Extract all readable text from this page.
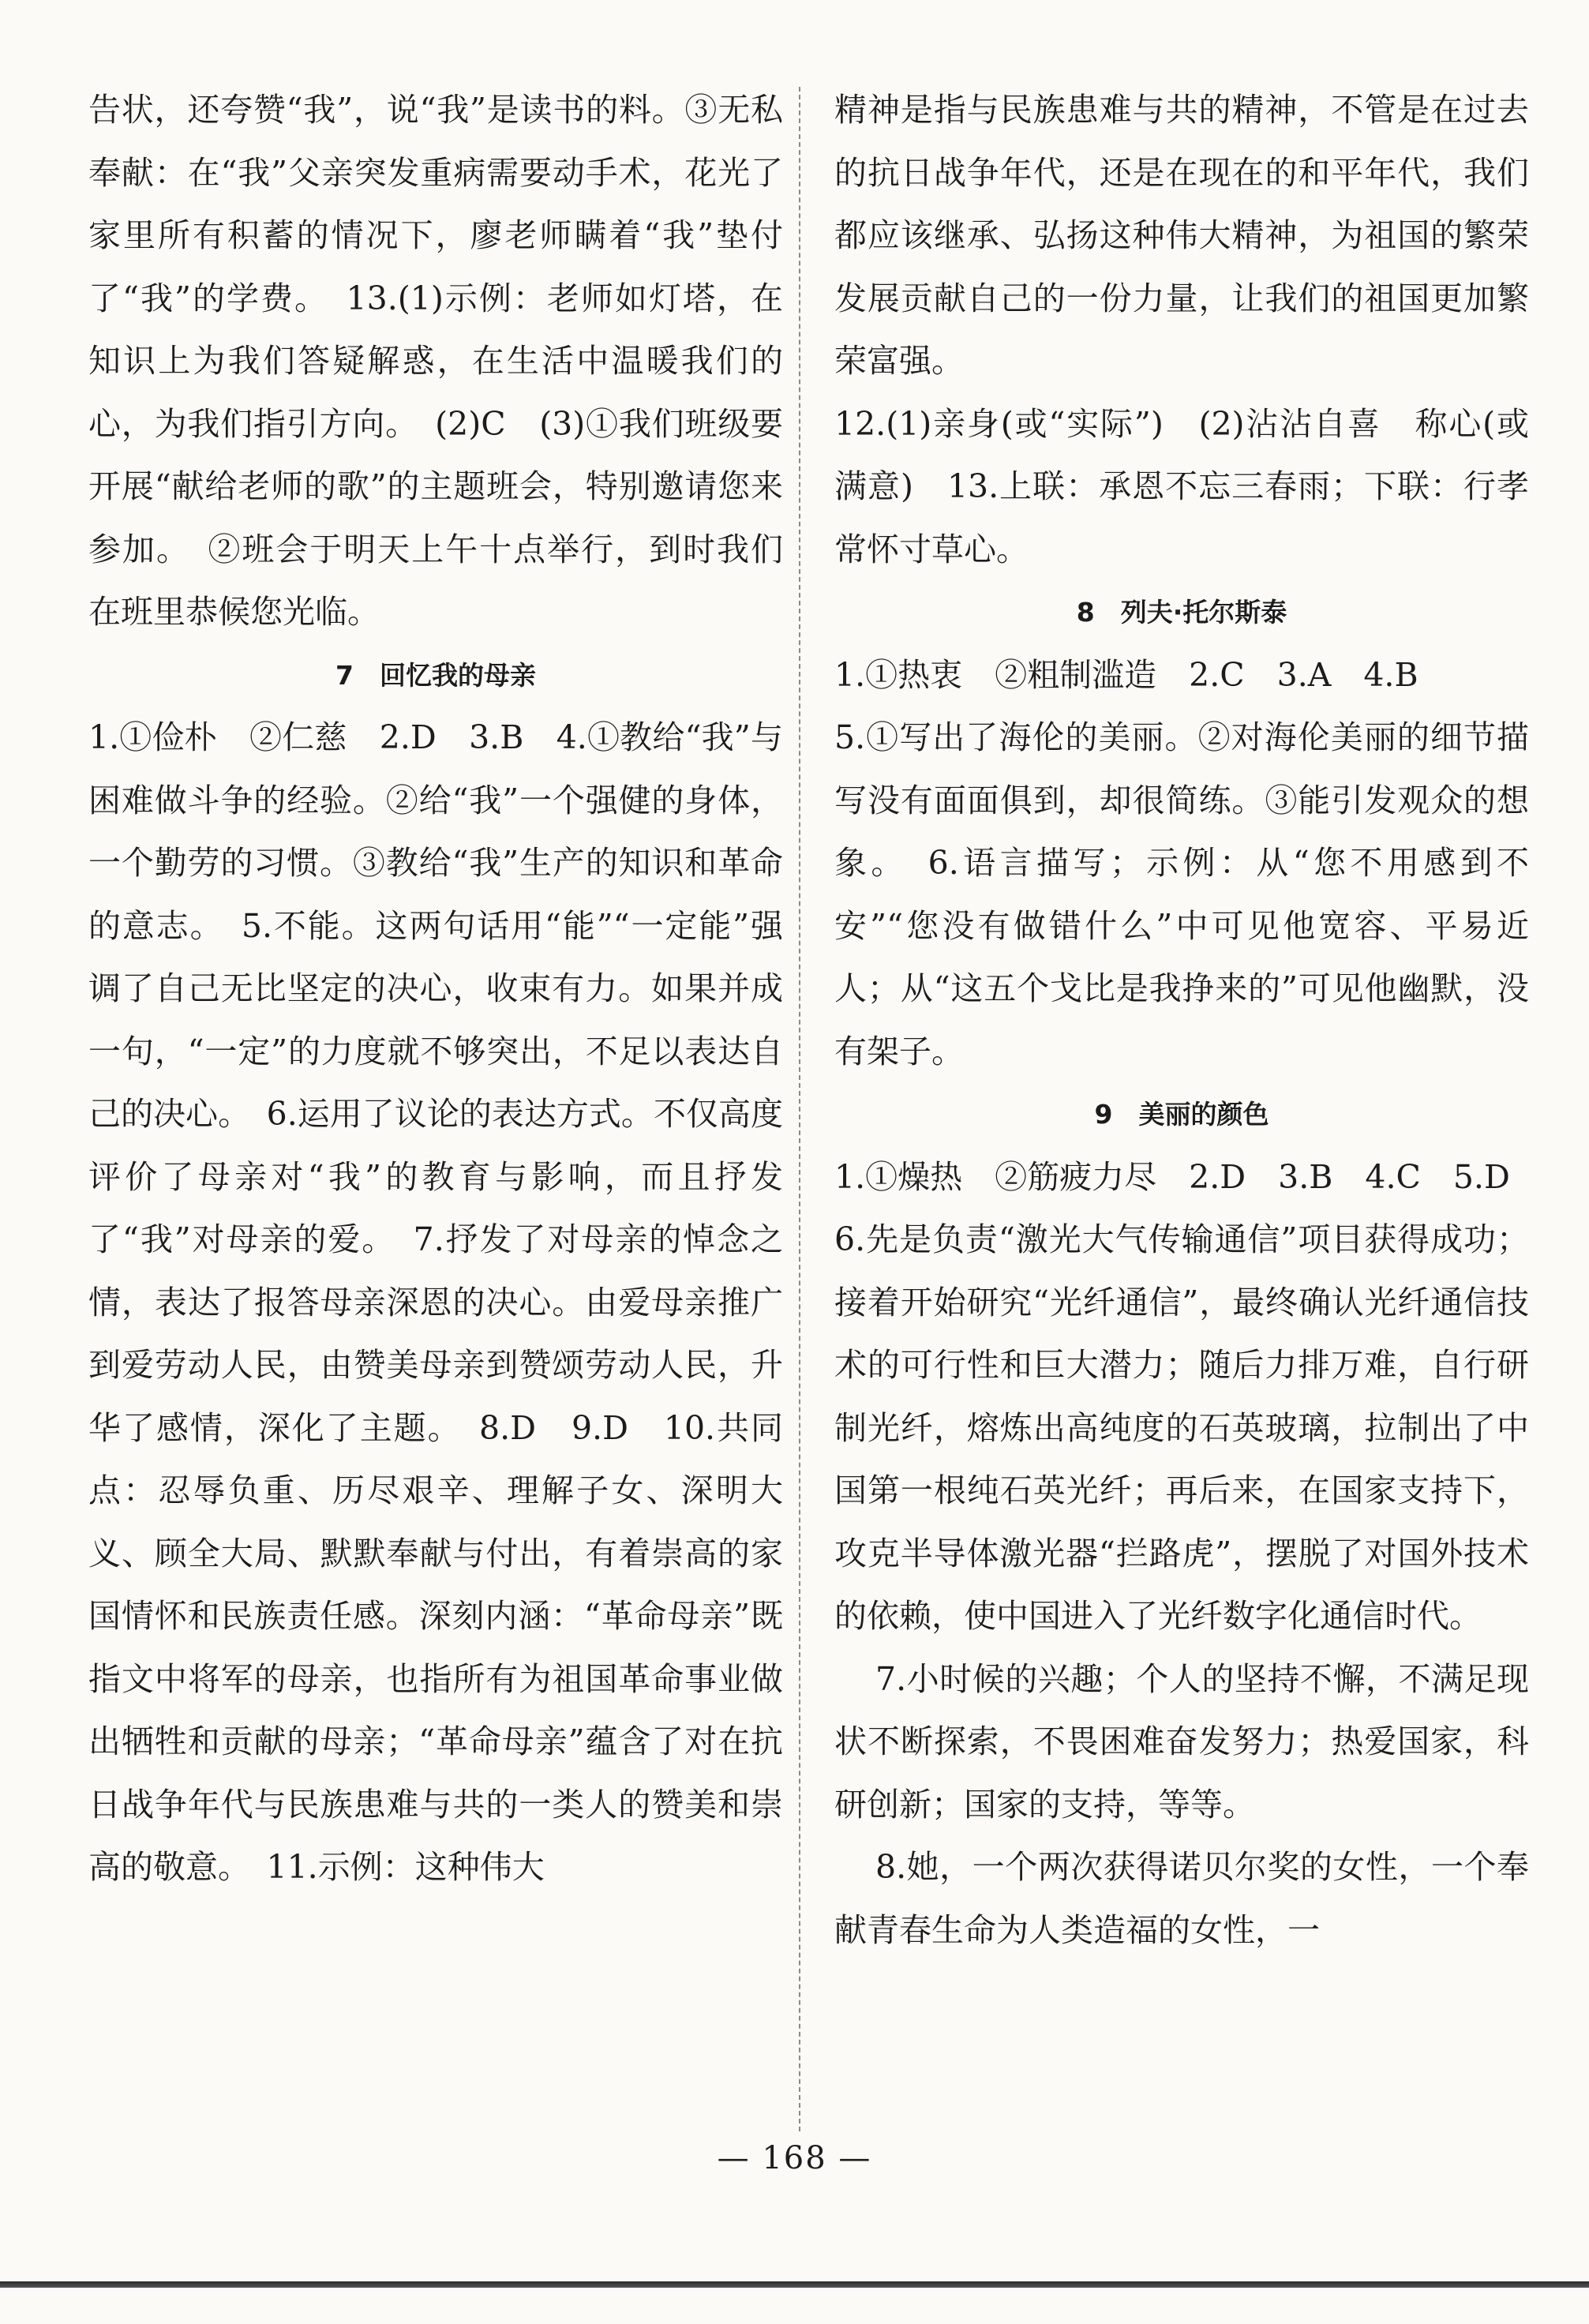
告状，还夸赞“我”，说“我”是读书的料。③无私奉献：在“我”父亲突发重病需要动手术，花光了家里所有积蓄的情况下，廖老师瞒着“我”垫付了“我”的学费。　13.(1)示例：老师如灯塔，在知识上为我们答疑解惑，在生活中温暖我们的心，为我们指引方向。　(2)C　(3)①我们班级要开展“献给老师的歌”的主题班会，特别邀请您来参加。　②班会于明天上午十点举行，到时我们在班里恭候您光临。

7　回忆我的母亲

1.①俭朴　②仁慈　2.D　3.B　4.①教给“我”与困难做斗争的经验。②给“我”一个强健的身体，一个勤劳的习惯。③教给“我”生产的知识和革命的意志。　5.不能。这两句话用“能”“一定能”强调了自己无比坚定的决心，收束有力。如果并成一句，“一定”的力度就不够突出，不足以表达自己的决心。　6.运用了议论的表达方式。不仅高度评价了母亲对“我”的教育与影响，而且抒发了“我”对母亲的爱。　7.抒发了对母亲的悼念之情，表达了报答母亲深恩的决心。由爱母亲推广到爱劳动人民，由赞美母亲到赞颂劳动人民，升华了感情，深化了主题。　8.D　9.D　10.共同点：忍辱负重、历尽艰辛、理解子女、深明大义、顾全大局、默默奉献与付出，有着崇高的家国情怀和民族责任感。深刻内涵：“革命母亲”既指文中将军的母亲，也指所有为祖国革命事业做出牺牲和贡献的母亲；“革命母亲”蕴含了对在抗日战争年代与民族患难与共的一类人的赞美和崇高的敬意。　11.示例：这种伟大

精神是指与民族患难与共的精神，不管是在过去的抗日战争年代，还是在现在的和平年代，我们都应该继承、弘扬这种伟大精神，为祖国的繁荣发展贡献自己的一份力量，让我们的祖国更加繁荣富强。

12.(1)亲身(或“实际”)　(2)沾沾自喜　称心(或满意)　13.上联：承恩不忘三春雨；下联：行孝常怀寸草心。

8　列夫·托尔斯泰

1.①热衷　②粗制滥造　2.C　3.A　4.B

5.①写出了海伦的美丽。②对海伦美丽的细节描写没有面面俱到，却很简练。③能引发观众的想象。　6.语言描写；示例：从“您不用感到不安”“您没有做错什么”中可见他宽容、平易近人；从“这五个戈比是我挣来的”可见他幽默，没有架子。

9　美丽的颜色

1.①燥热　②筋疲力尽　2.D　3.B　4.C　5.D

6.先是负责“激光大气传输通信”项目获得成功；接着开始研究“光纤通信”，最终确认光纤通信技术的可行性和巨大潜力；随后力排万难，自行研制光纤，熔炼出高纯度的石英玻璃，拉制出了中国第一根纯石英光纤；再后来，在国家支持下，攻克半导体激光器“拦路虎”，摆脱了对国外技术的依赖，使中国进入了光纤数字化通信时代。

7.小时候的兴趣；个人的坚持不懈，不满足现状不断探索，不畏困难奋发努力；热爱国家，科研创新；国家的支持，等等。

8.她，一个两次获得诺贝尔奖的女性，一个奉献青春生命为人类造福的女性，一

— 168 —
